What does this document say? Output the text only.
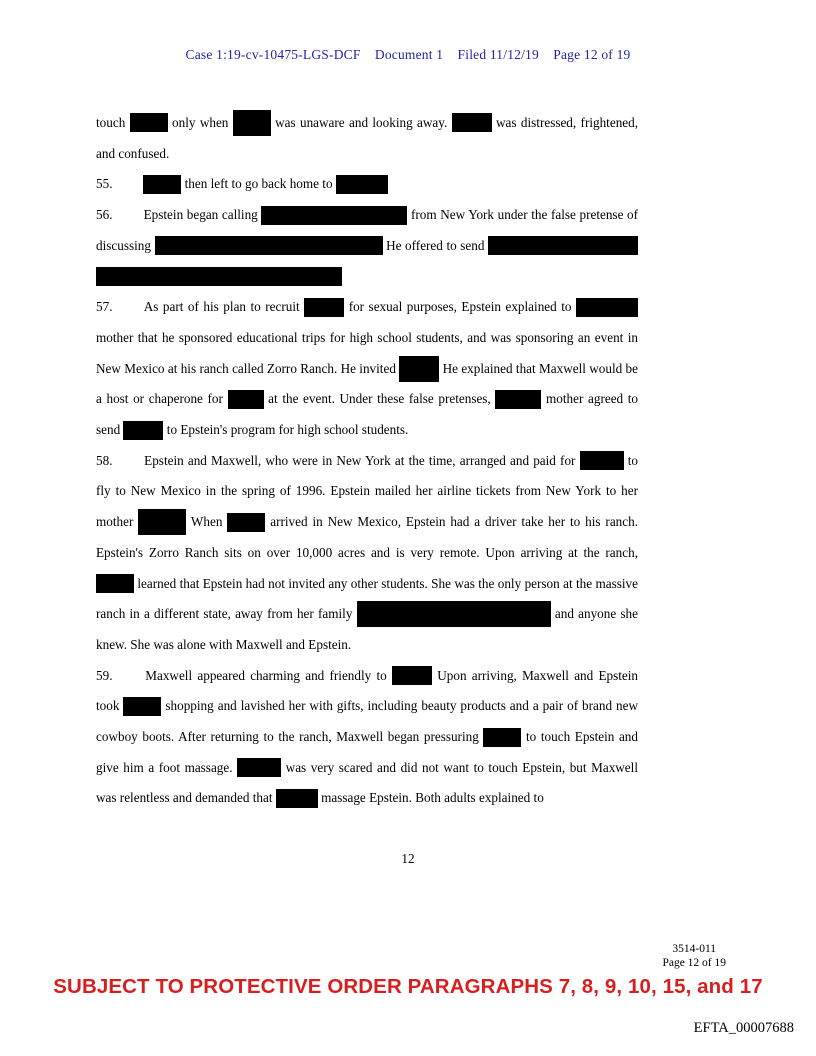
Case 1:19-cv-10475-LGS-DCF    Document 1    Filed 11/12/19    Page 12 of 19

touch	only when	was unaware and looking away.	was distressed, frightened, and confused.

55.	then left to go back home to

56. Epstein began calling	from New York under the false pretense of discussing	He offered to send

57. As part of his plan to recruit	for sexual purposes, Epstein explained to  mother that he sponsored educational trips for high school students, and was sponsoring an event in New Mexico at his ranch called Zorro Ranch. He invited	He explained that Maxwell would be a host or chaperone for	at the event. Under these false pretenses,	mother agreed to send	to Epstein's program for high school students.

58. Epstein and Maxwell, who were in New York at the time, arranged and paid for	to fly to New Mexico in the spring of 1996. Epstein mailed her airline tickets from New York to her mother	When	arrived in New Mexico, Epstein had a driver take her to his ranch. Epstein's Zorro Ranch sits on over 10,000 acres and is very remote. Upon arriving at the ranch,  learned that Epstein had not invited any other students. She was the only person at the massive ranch in a different state, away from her family	and anyone she knew. She was alone with Maxwell and Epstein.

59. Maxwell appeared charming and friendly to	Upon arriving, Maxwell and Epstein took	shopping and lavished her with gifts, including beauty products and a pair of brand new cowboy boots. After returning to the ranch, Maxwell began pressuring	to touch Epstein and give him a foot massage.	was very scared and did not want to touch Epstein, but Maxwell was relentless and demanded that	massage Epstein. Both adults explained to

12
3514-011
Page 12 of 19
SUBJECT TO PROTECTIVE ORDER PARAGRAPHS 7, 8, 9, 10, 15, and 17
EFTA_00007688
